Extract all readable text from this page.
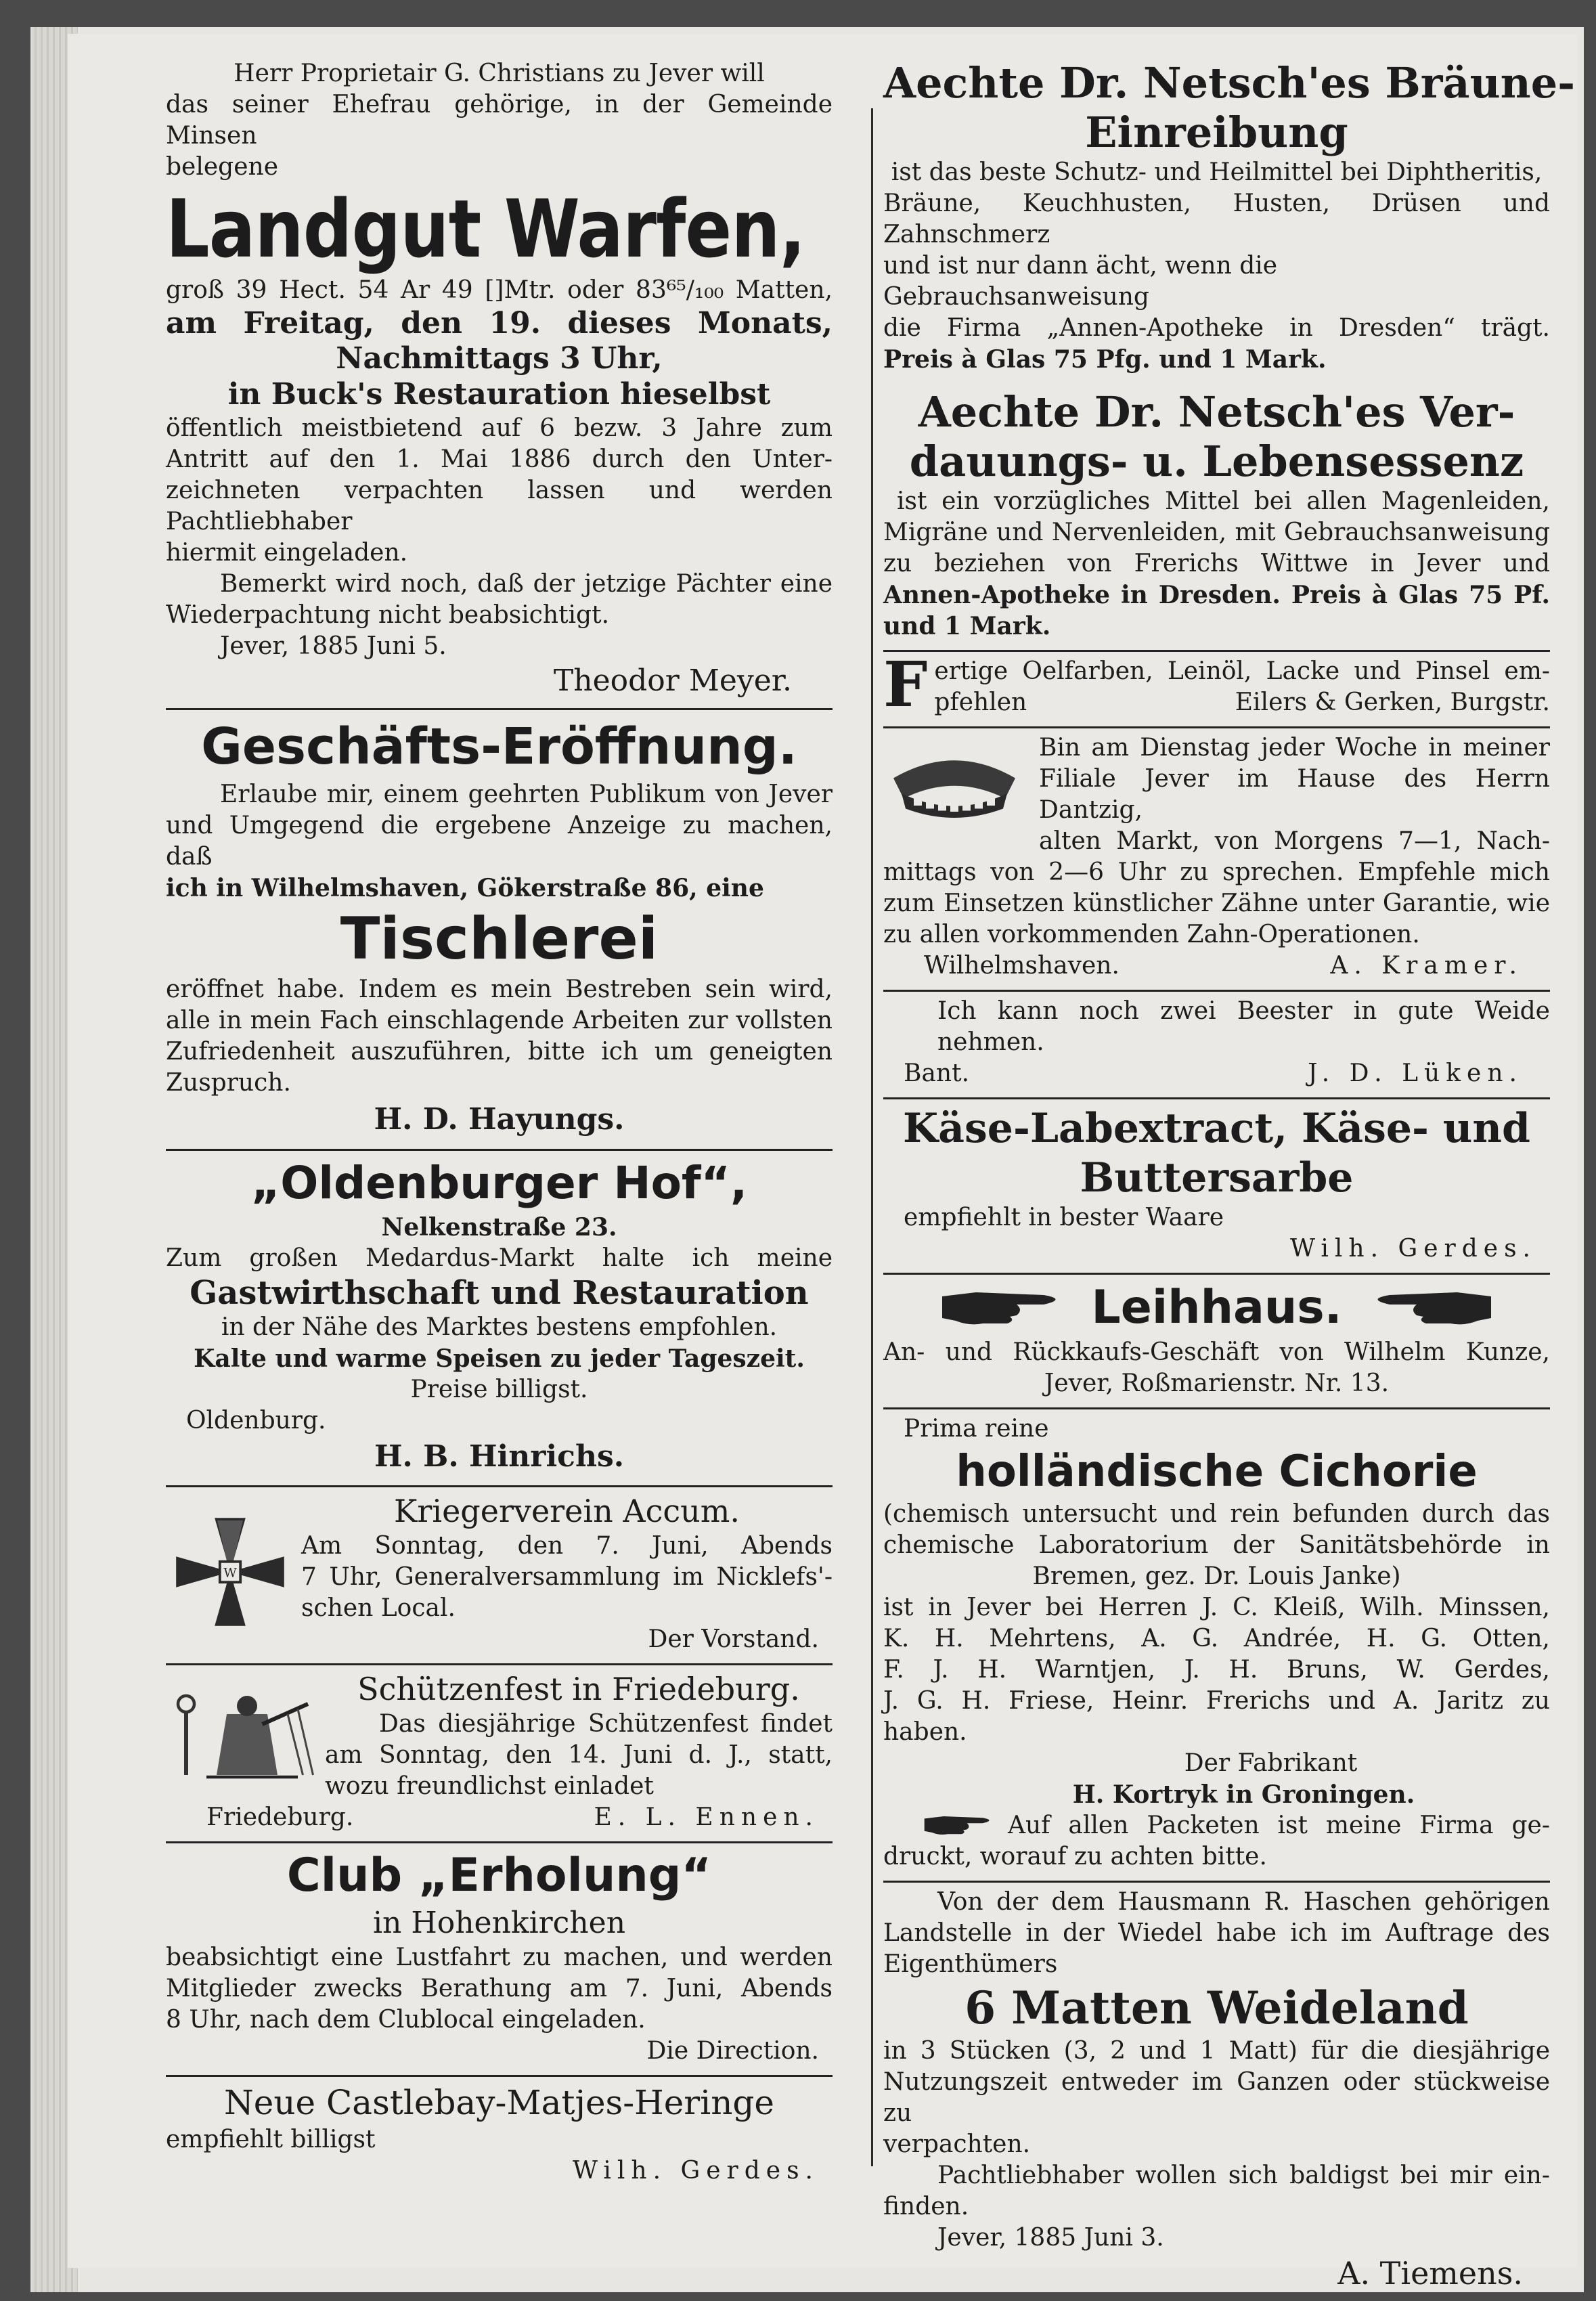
Herr Proprietair G. Christians zu Jever will

das seiner Ehefrau gehörige, in der Gemeinde Minsen

belegene

Landgut Warfen,

groß 39 Hect. 54 Ar 49 []Mtr. oder 83⁶⁵/₁₀₀ Matten,

am Freitag, den 19. dieses Monats,

Nachmittags 3 Uhr,

in Buck's Restauration hieselbst

öffentlich meistbietend auf 6 bezw. 3 Jahre zum

Antritt auf den 1. Mai 1886 durch den Unter-

zeichneten verpachten lassen und werden Pachtliebhaber

hiermit eingeladen.

Bemerkt wird noch, daß der jetzige Pächter eine

Wiederpachtung nicht beabsichtigt.

Jever, 1885 Juni 5.

Theodor Meyer.

Geschäfts-Eröffnung.

Erlaube mir, einem geehrten Publikum von Jever

und Umgegend die ergebene Anzeige zu machen, daß

ich in Wilhelmshaven, Gökerstraße 86, eine

Tischlerei

eröffnet habe. Indem es mein Bestreben sein wird,

alle in mein Fach einschlagende Arbeiten zur vollsten

Zufriedenheit auszuführen, bitte ich um geneigten

Zuspruch.

H. D. Hayungs.

„Oldenburger Hof“,

Nelkenstraße 23.

Zum großen Medardus-Markt halte ich meine

Gastwirthschaft und Restauration

in der Nähe des Marktes bestens empfohlen.

Kalte und warme Speisen zu jeder Tageszeit.

Preise billigst.

Oldenburg.

H. B. Hinrichs.

W

Kriegerverein Accum.

Am Sonntag, den 7. Juni, Abends

7 Uhr, Generalversammlung im Nicklefs'-

schen Local.

Der Vorstand.

Schützenfest in Friedeburg.

Das diesjährige Schützenfest findet

am Sonntag, den 14. Juni d. J., statt,

wozu freundlichst einladet

Friedeburg.	E. L. Ennen.

Club „Erholung“

in Hohenkirchen

beabsichtigt eine Lustfahrt zu machen, und werden

Mitglieder zwecks Berathung am 7. Juni, Abends

8 Uhr, nach dem Clublocal eingeladen.

Die Direction.

Neue Castlebay-Matjes-Heringe

empfiehlt billigst

Wilh. Gerdes.

Aechte Dr. Netsch'es Bräune-

Einreibung

ist das beste Schutz- und Heilmittel bei Diphtheritis,

Bräune, Keuchhusten, Husten, Drüsen und Zahnschmerz

und ist nur dann ächt, wenn die Gebrauchsanweisung

die Firma „Annen-Apotheke in Dresden“ trägt.

Preis à Glas 75 Pfg. und 1 Mark.

Aechte Dr. Netsch'es Ver-

dauungs- u. Lebensessenz

ist ein vorzügliches Mittel bei allen Magenleiden,

Migräne und Nervenleiden, mit Gebrauchsanweisung

zu beziehen von Frerichs Wittwe in Jever und

Annen-Apotheke in Dresden. Preis à Glas 75 Pf.

und 1 Mark.

F ertige Oelfarben, Leinöl, Lacke und Pinsel em-

pfehlen	Eilers & Gerken, Burgstr.

Bin am Dienstag jeder Woche in meiner

Filiale Jever im Hause des Herrn Dantzig,

alten Markt, von Morgens 7—1, Nach-

mittags von 2—6 Uhr zu sprechen. Empfehle mich

zum Einsetzen künstlicher Zähne unter Garantie, wie

zu allen vorkommenden Zahn-Operationen.

Wilhelmshaven.	A. Kramer.

Ich kann noch zwei Beester in gute Weide nehmen.

Bant.	J. D. Lüken.

Käse-Labextract, Käse- und

Buttersarbe

empfiehlt in bester Waare

Wilh. Gerdes.

Leihhaus.

An- und Rückkaufs-Geschäft von Wilhelm Kunze,

Jever, Roßmarienstr. Nr. 13.

Prima reine

holländische Cichorie

(chemisch untersucht und rein befunden durch das

chemische Laboratorium der Sanitätsbehörde in

Bremen, gez. Dr. Louis Janke)

ist in Jever bei Herren J. C. Kleiß, Wilh. Minssen,

K. H. Mehrtens, A. G. Andrée, H. G. Otten,

F. J. H. Warntjen, J. H. Bruns, W. Gerdes,

J. G. H. Friese, Heinr. Frerichs und A. Jaritz zu

haben.

Der Fabrikant

H. Kortryk in Groningen.

Auf allen Packeten ist meine Firma ge-

druckt, worauf zu achten bitte.

Von der dem Hausmann R. Haschen gehörigen

Landstelle in der Wiedel habe ich im Auftrage des

Eigenthümers

6 Matten Weideland

in 3 Stücken (3, 2 und 1 Matt) für die diesjährige

Nutzungszeit entweder im Ganzen oder stückweise zu

verpachten.

Pachtliebhaber wollen sich baldigst bei mir ein-

finden.

Jever, 1885 Juni 3.

A. Tiemens.
